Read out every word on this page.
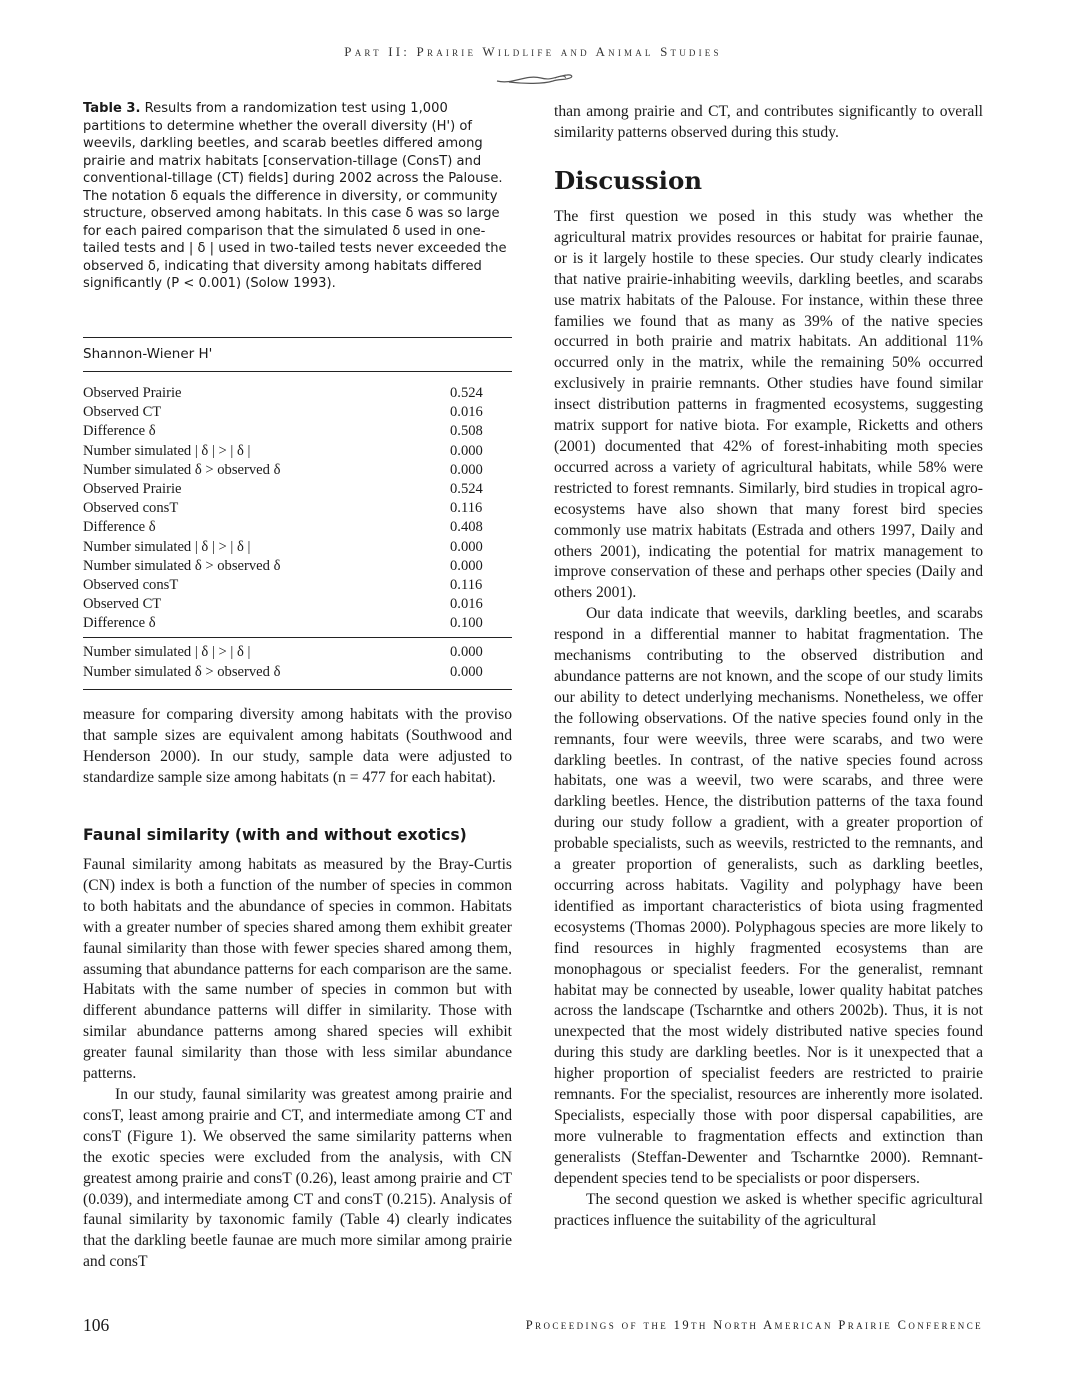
Part II: Prairie Wildlife and Animal Studies
Table 3. Results from a randomization test using 1,000 partitions to determine whether the overall diversity (H') of weevils, darkling beetles, and scarab beetles differed among prairie and matrix habitats [conservation-tillage (ConsT) and conventional-tillage (CT) fields] during 2002 across the Palouse. The notation δ equals the difference in diversity, or community structure, observed among habitats. In this case δ was so large for each paired comparison that the simulated δ used in one-tailed tests and | δ | used in two-tailed tests never exceeded the observed δ, indicating that diversity among habitats differed significantly (P < 0.001) (Solow 1993).
Shannon-Wiener H'
Observed Prairie	0.524
Observed CT	0.016
Difference δ	0.508
Number simulated | δ | > | δ |	0.000
Number simulated δ > observed δ	0.000
Observed Prairie	0.524
Observed consT	0.116
Difference δ	0.408
Number simulated | δ | > | δ |	0.000
Number simulated δ > observed δ	0.000
Observed consT	0.116
Observed CT	0.016
Difference δ	0.100
Number simulated | δ | > | δ |	0.000
Number simulated δ > observed δ	0.000

measure for comparing diversity among habitats with the proviso that sample sizes are equivalent among habitats (Southwood and Henderson 2000). In our study, sample data were adjusted to standardize sample size among habitats (n = 477 for each habitat).

Faunal similarity (with and without exotics)

Faunal similarity among habitats as measured by the Bray-Curtis (CN) index is both a function of the number of species in common to both habitats and the abundance of species in common. Habitats with a greater number of species shared among them exhibit greater faunal similarity than those with fewer species shared among them, assuming that abundance patterns for each comparison are the same. Habitats with the same number of species in common but with different abundance patterns will differ in similarity. Those with similar abundance patterns among shared species will exhibit greater faunal similarity than those with less similar abundance patterns.

In our study, faunal similarity was greatest among prairie and consT, least among prairie and CT, and intermediate among CT and consT (Figure 1). We observed the same similarity patterns when the exotic species were excluded from the analysis, with CN greatest among prairie and consT (0.26), least among prairie and CT (0.039), and intermediate among CT and consT (0.215). Analysis of faunal similarity by taxonomic family (Table 4) clearly indicates that the darkling beetle faunae are much more similar among prairie and consT

than among prairie and CT, and contributes significantly to overall similarity patterns observed during this study.

Discussion

The first question we posed in this study was whether the agricultural matrix provides resources or habitat for prairie faunae, or is it largely hostile to these species. Our study clearly indicates that native prairie-inhabiting weevils, darkling beetles, and scarabs use matrix habitats of the Palouse. For instance, within these three families we found that as many as 39% of the native species occurred in both prairie and matrix habitats. An additional 11% occurred only in the matrix, while the remaining 50% occurred exclusively in prairie remnants. Other studies have found similar insect distribution patterns in fragmented ecosystems, suggesting matrix support for native biota. For example, Ricketts and others (2001) documented that 42% of forest-inhabiting moth species occurred across a variety of agricultural habitats, while 58% were restricted to forest remnants. Similarly, bird studies in tropical agro-ecosystems have also shown that many forest bird species commonly use matrix habitats (Estrada and others 1997, Daily and others 2001), indicating the potential for matrix management to improve conservation of these and perhaps other species (Daily and others 2001).

Our data indicate that weevils, darkling beetles, and scarabs respond in a differential manner to habitat fragmentation. The mechanisms contributing to the observed distribution and abundance patterns are not known, and the scope of our study limits our ability to detect underlying mechanisms. Nonetheless, we offer the following observations. Of the native species found only in the remnants, four were weevils, three were scarabs, and two were darkling beetles. In contrast, of the native species found across habitats, one was a weevil, two were scarabs, and three were darkling beetles. Hence, the distribution patterns of the taxa found during our study follow a gradient, with a greater proportion of probable specialists, such as weevils, restricted to the remnants, and a greater proportion of generalists, such as darkling beetles, occurring across habitats. Vagility and polyphagy have been identified as important characteristics of biota using fragmented ecosystems (Thomas 2000). Polyphagous species are more likely to find resources in highly fragmented ecosystems than are monophagous or specialist feeders. For the generalist, remnant habitat may be connected by useable, lower quality habitat patches across the landscape (Tscharntke and others 2002b). Thus, it is not unexpected that the most widely distributed native species found during this study are darkling beetles. Nor is it unexpected that a higher proportion of specialist feeders are restricted to prairie remnants. For the specialist, resources are inherently more isolated. Specialists, especially those with poor dispersal capabilities, are more vulnerable to fragmentation effects and extinction than generalists (Steffan-Dewenter and Tscharntke 2000). Remnant-dependent species tend to be specialists or poor dispersers.

The second question we asked is whether specific agricultural practices influence the suitability of the agricultural

106	Proceedings of the 19th North American Prairie Conference
